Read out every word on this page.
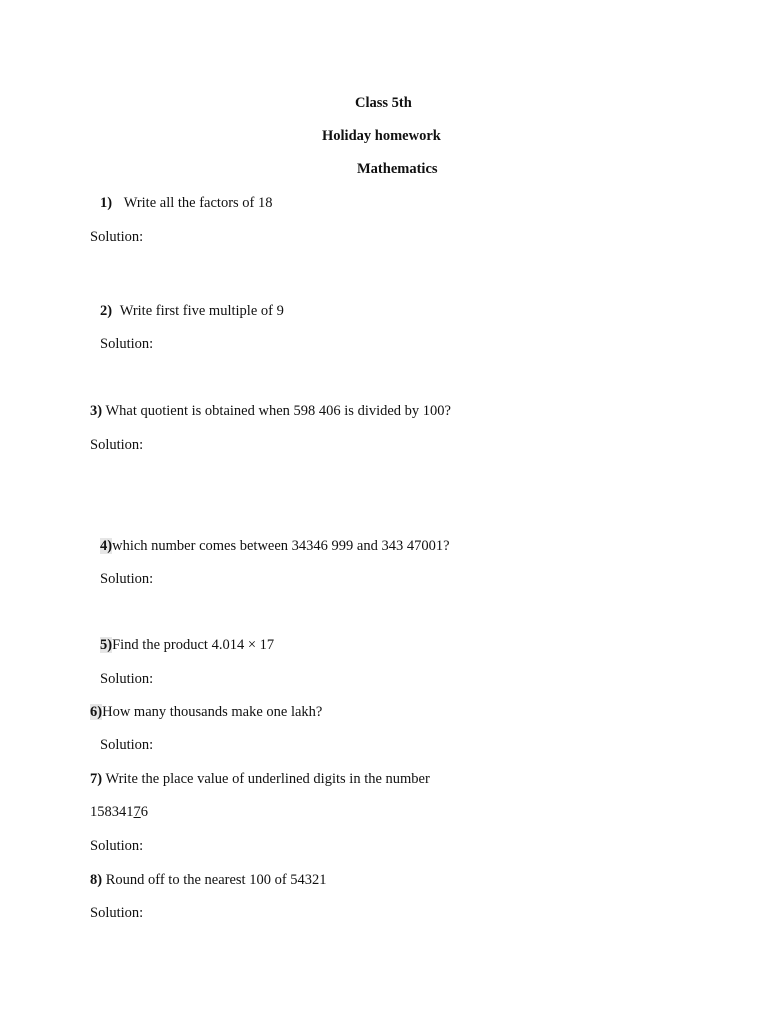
Class 5th
Holiday homework
Mathematics
1) Write all the factors of 18
Solution:
2) Write first five multiple of 9
Solution:
3) What quotient is obtained when 598 406 is divided by 100?
Solution:
4)which number comes between 34346 999 and 343 47001?
Solution:
5)Find the product 4.014 × 17
Solution:
6)How many thousands make one lakh?
Solution:
7) Write the place value of underlined digits in the number
15834176
Solution:
8) Round off to the nearest 100 of 54321
Solution:
